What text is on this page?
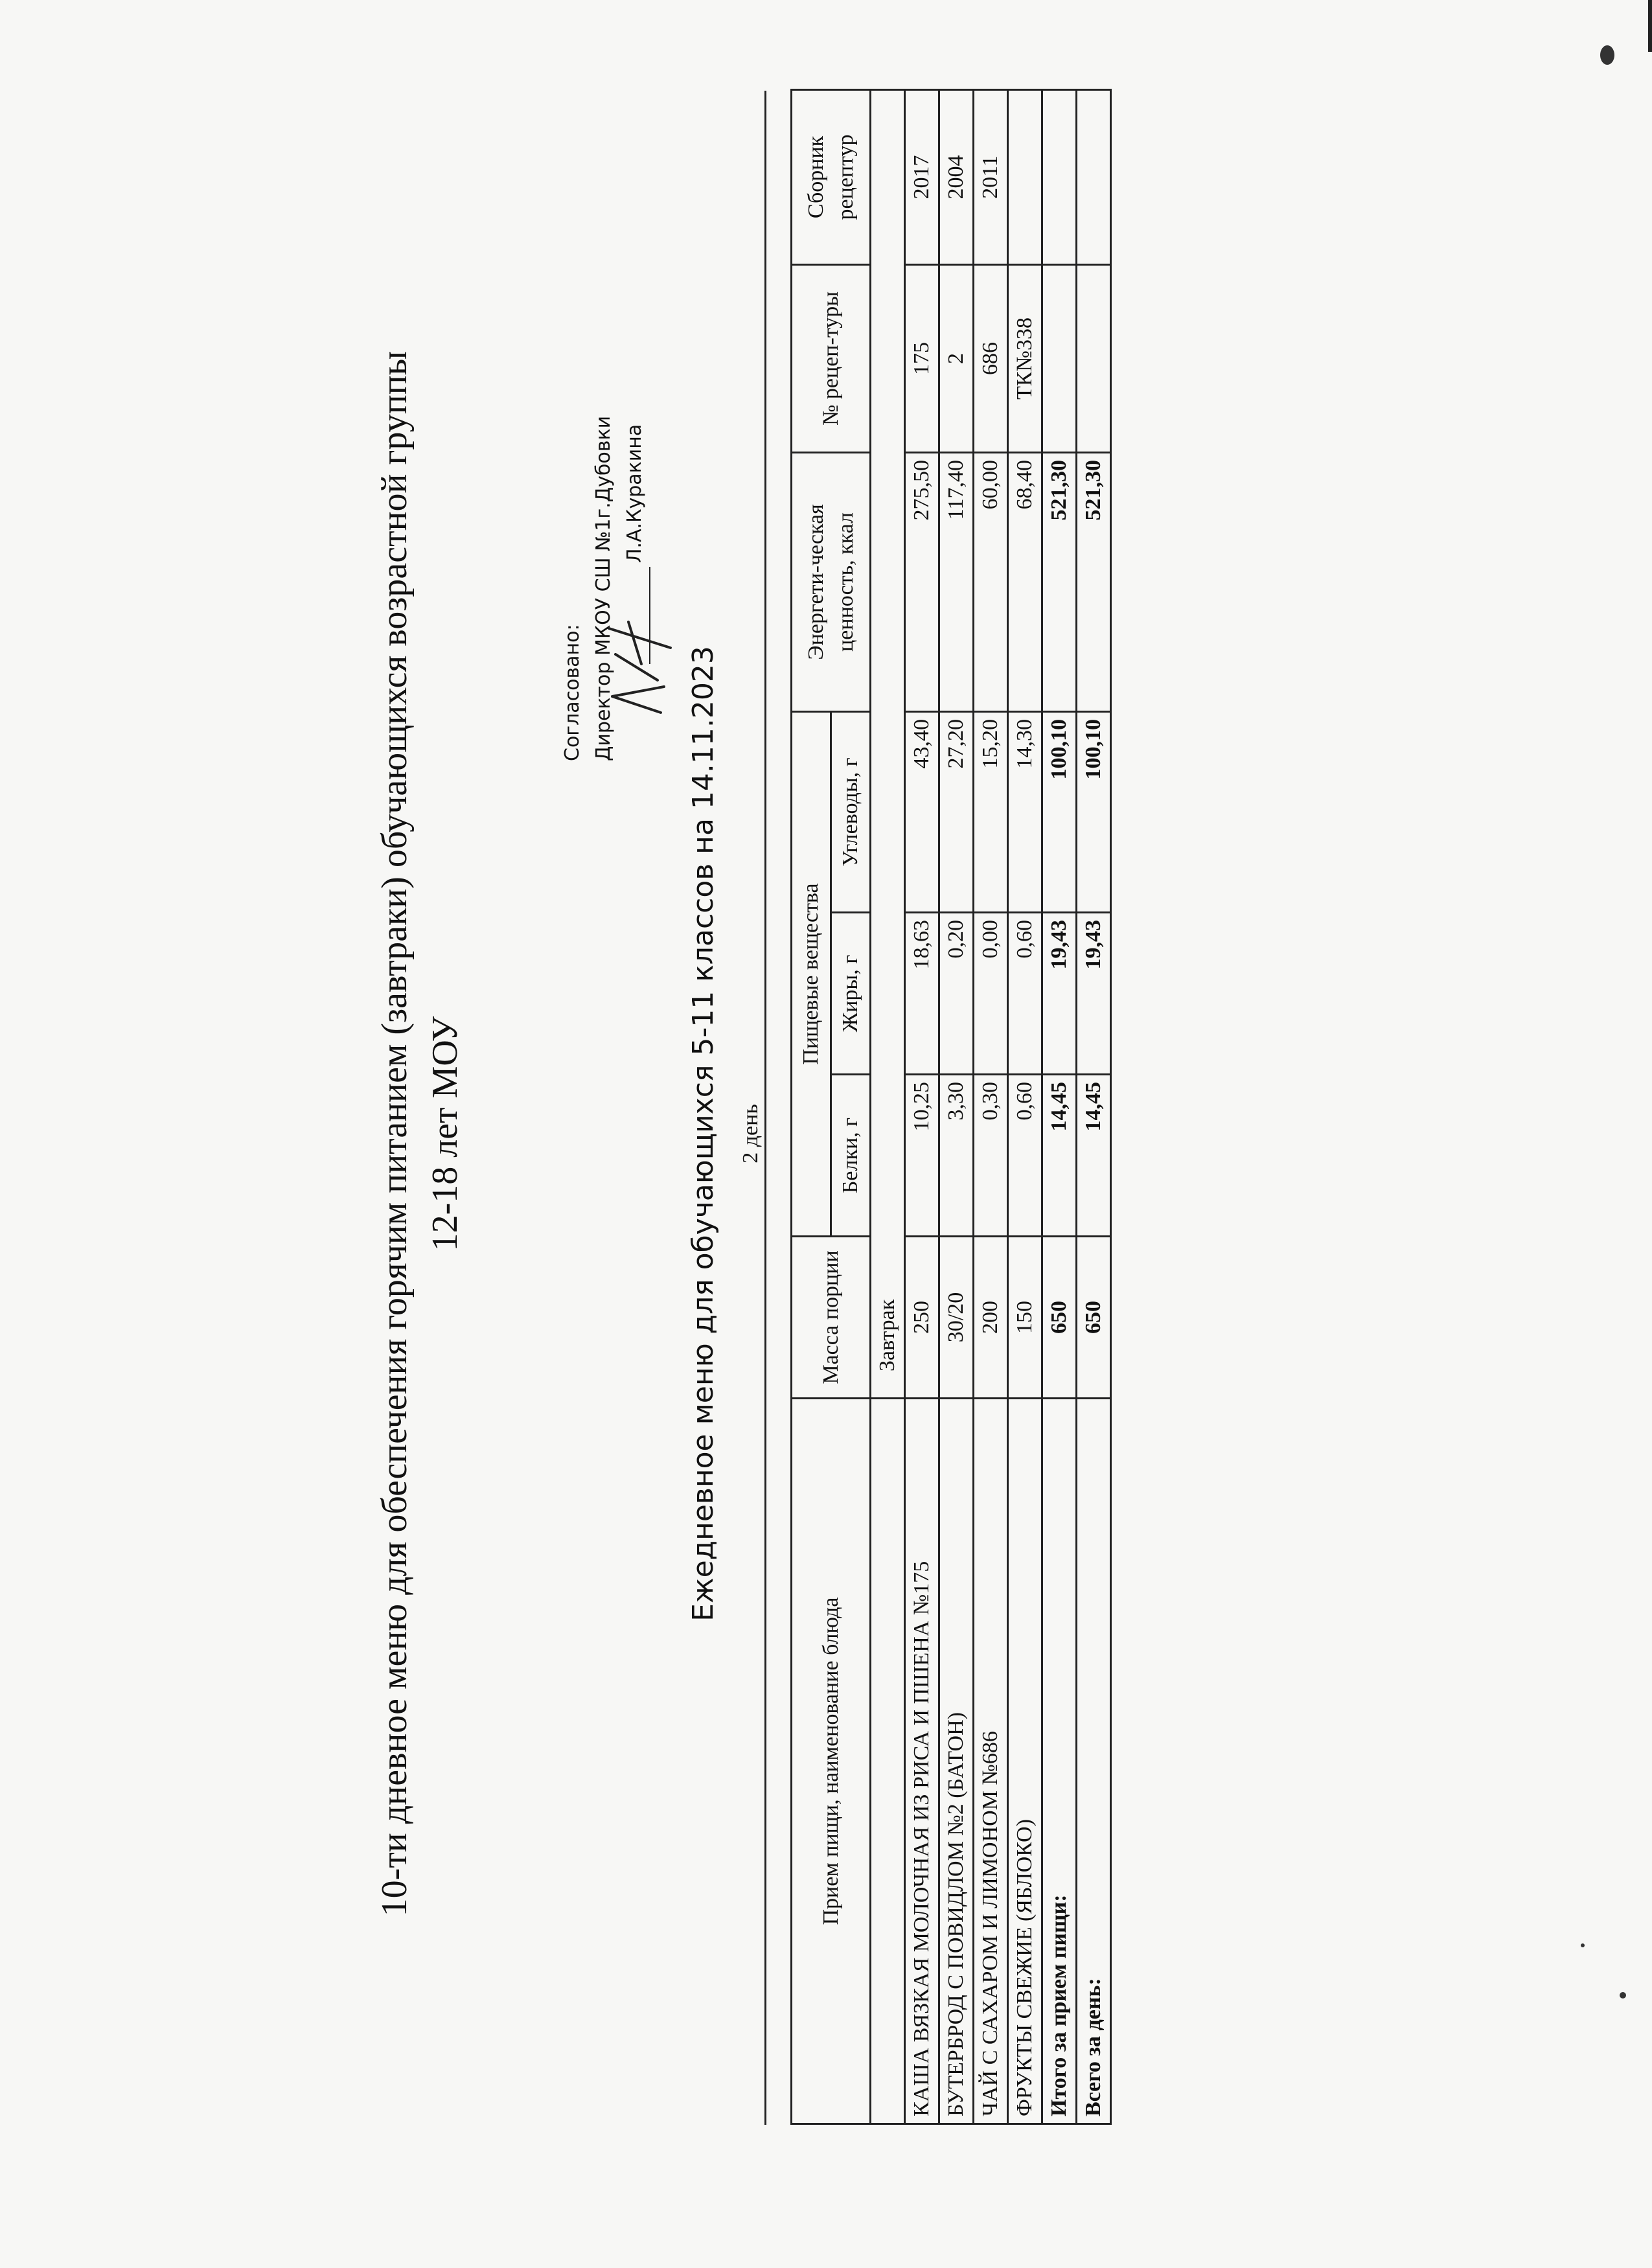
10-ти дневное меню для обеспечения горячим питанием (завтраки) обучающихся возрастной группы 12-18 лет МОУ
Согласовано: Директор МКОУ СШ №1г.Дубовки Л.А.Куракина
Ежедневное меню для обучающихся 5-11 классов на 14.11.2023 2 день
Прием пищи, наименование блюда	Масса порции	Пищевые вещества			Энергети-ческая ценность, ккал	№ рецеп-туры	Сборник рецептур
		Белки, г	Жиры, г	Углеводы, г			
	Завтрак						
КАША ВЯЗКАЯ МОЛОЧНАЯ ИЗ РИСА И ПШЕНА №175	250	10,25	18,63	43,40	275,50	175	2017
БУТЕРБРОД С ПОВИДЛОМ №2 (БАТОН)	30/20	3,30	0,20	27,20	117,40	2	2004
ЧАЙ С САХАРОМ И ЛИМОНОМ №686	200	0,30	0,00	15,20	60,00	686	2011
ФРУКТЫ СВЕЖИЕ (ЯБЛОКО)	150	0,60	0,60	14,30	68,40	ТК№338	
Итого за прием пищи:	650	14,45	19,43	100,10	521,30		
Всего за день:	650	14,45	19,43	100,10	521,30		
